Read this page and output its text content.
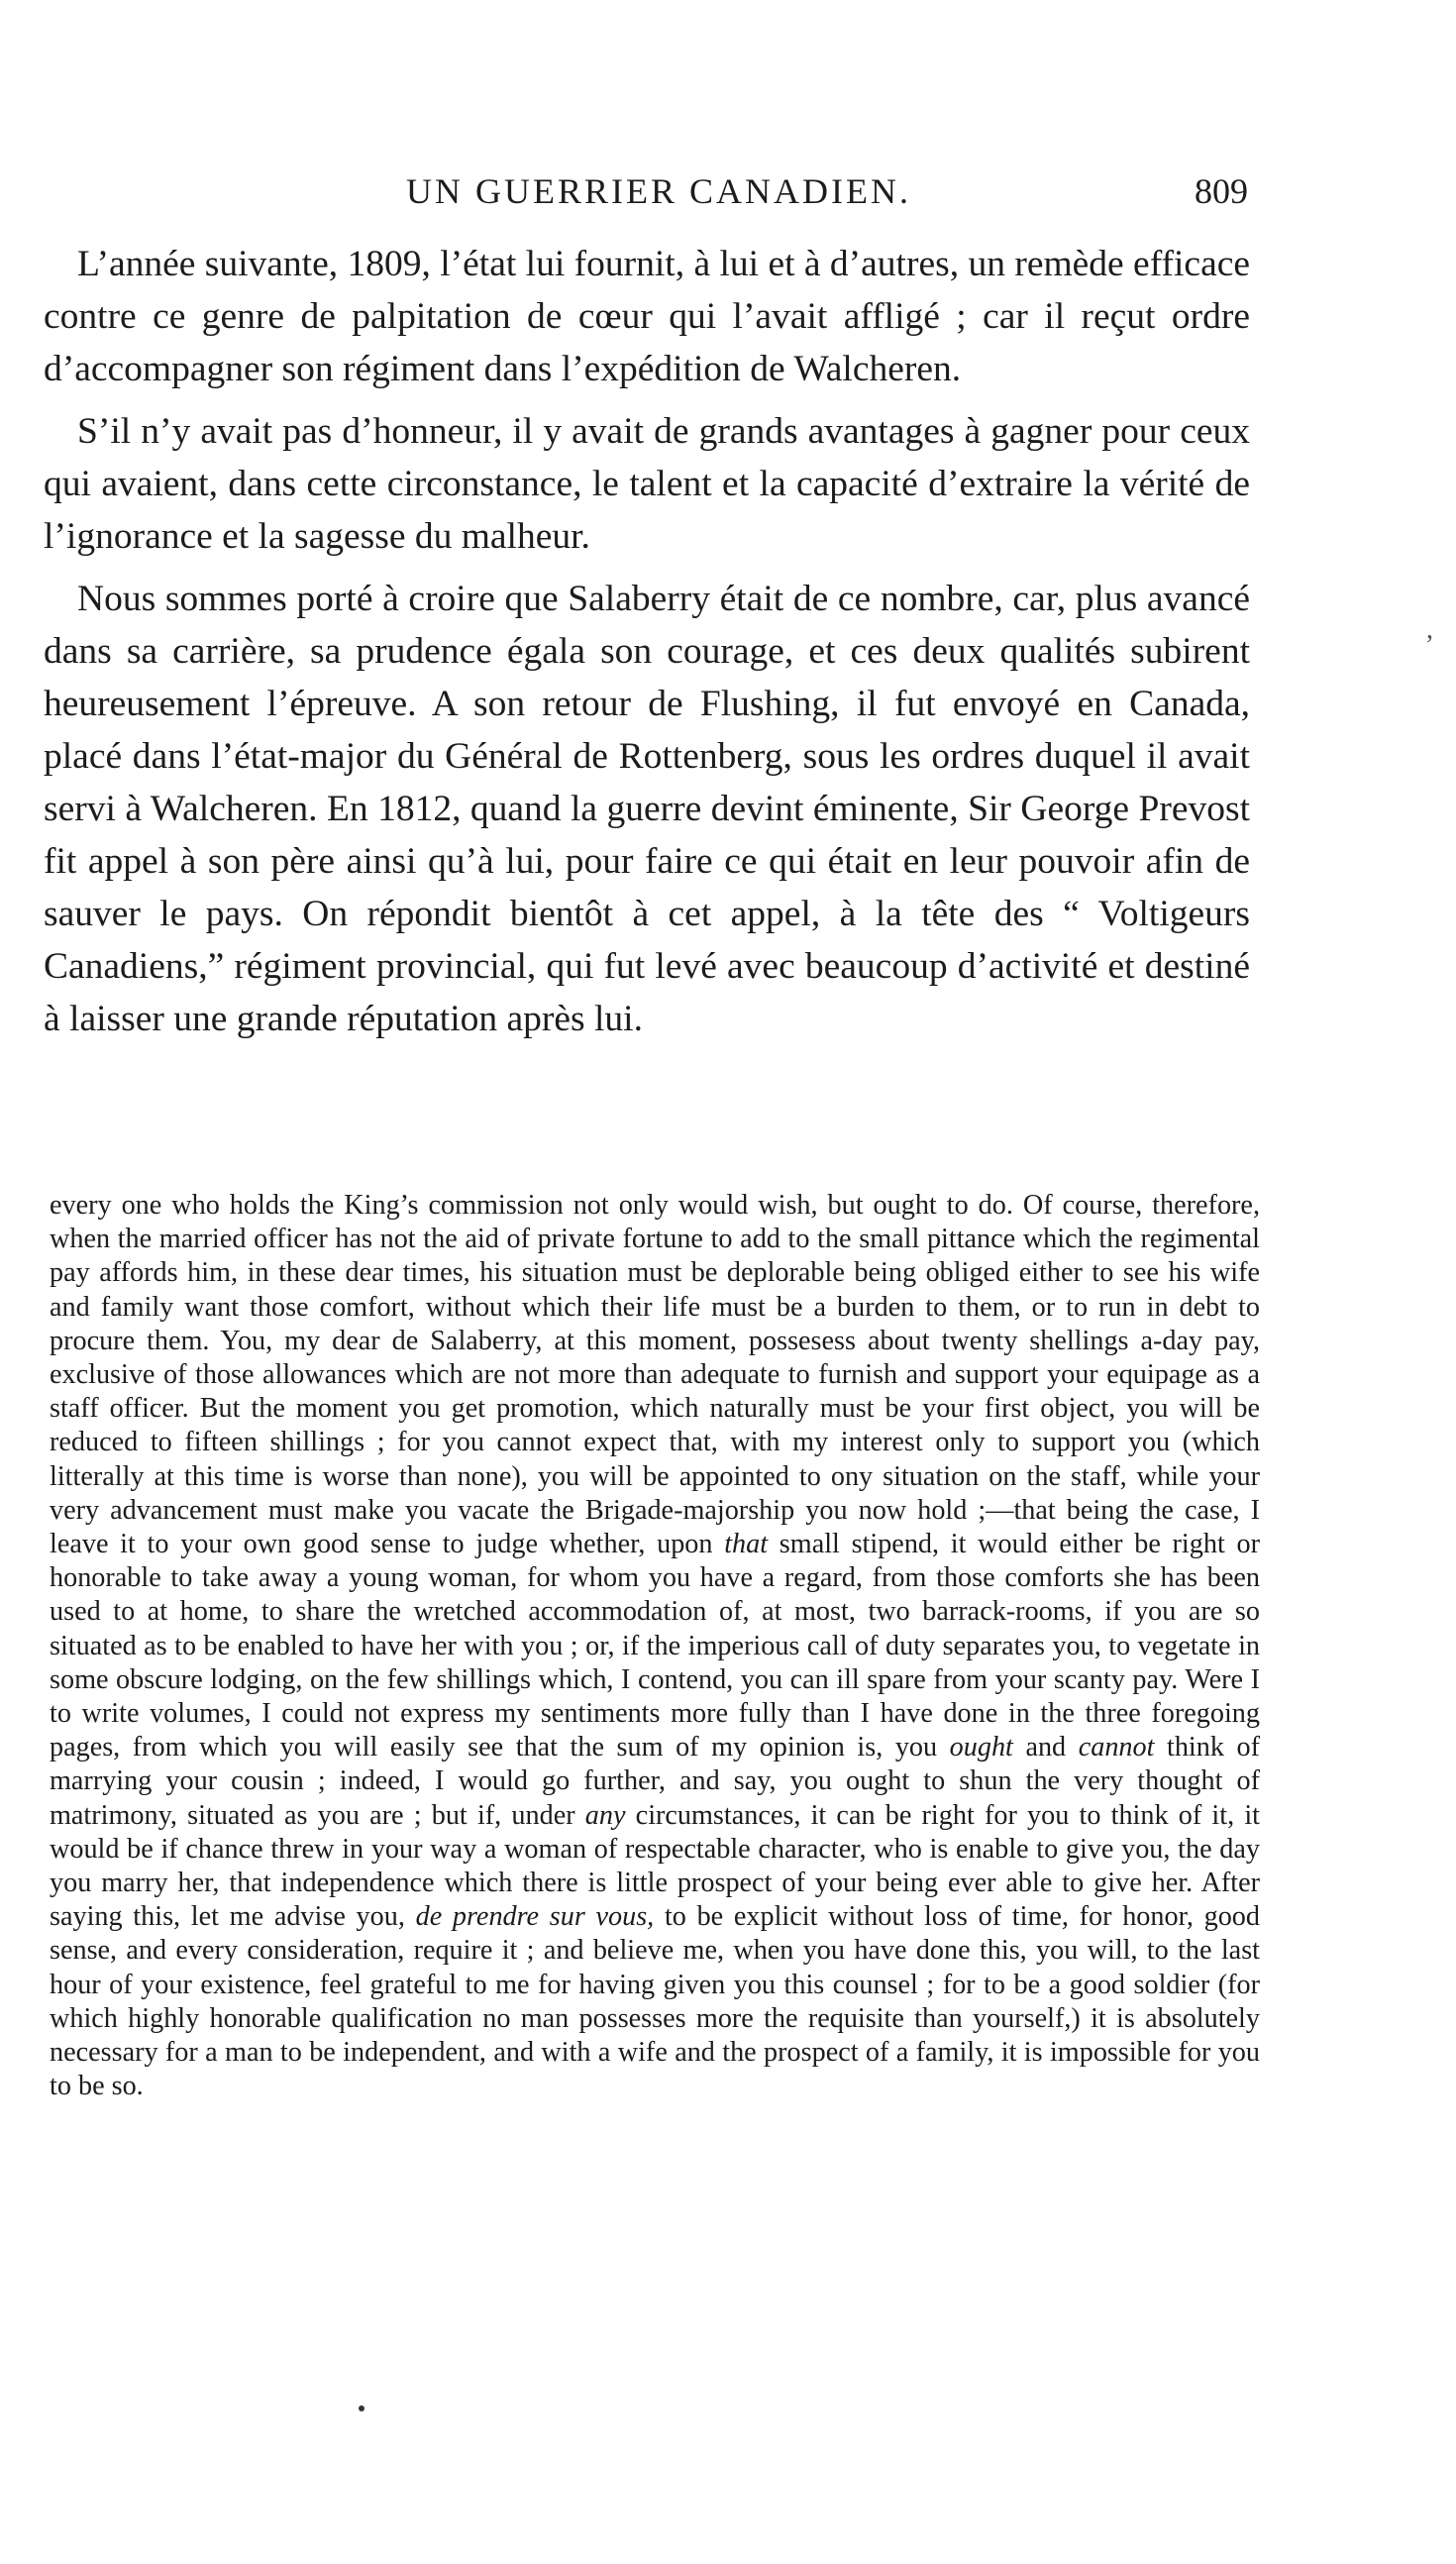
UN GUERRIER CANADIEN.	809

L’année suivante, 1809, l’état lui fournit, à lui et à d’autres, un remède efficace contre ce genre de palpitation de cœur qui l’avait affligé ; car il reçut ordre d’accompagner son régiment dans l’expédition de Walcheren.

S’il n’y avait pas d’honneur, il y avait de grands avantages à gagner pour ceux qui avaient, dans cette circonstance, le talent et la capacité d’extraire la vérité de l’ignorance et la sagesse du malheur.

Nous sommes porté à croire que Salaberry était de ce nombre, car, plus avancé dans sa carrière, sa prudence égala son courage, et ces deux qualités subirent heureusement l’épreuve. A son retour de Flushing, il fut envoyé en Canada, placé dans l’état-major du Général de Rottenberg, sous les ordres duquel il avait servi à Walcheren. En 1812, quand la guerre devint éminente, Sir George Prevost fit appel à son père ainsi qu’à lui, pour faire ce qui était en leur pouvoir afin de sauver le pays. On répondit bientôt à cet appel, à la tête des “ Voltigeurs Canadiens,” régiment provincial, qui fut levé avec beaucoup d’activité et destiné à laisser une grande réputation après lui.

,

every one who holds the King’s commission not only would wish, but ought to do. Of course, therefore, when the married officer has not the aid of private fortune to add to the small pittance which the regimental pay affords him, in these dear times, his situation must be deplorable being obliged either to see his wife and family want those comfort, without which their life must be a burden to them, or to run in debt to procure them. You, my dear de Salaberry, at this moment, possesess about twenty shellings a-day pay, exclusive of those allowances which are not more than adequate to furnish and support your equipage as a staff officer. But the moment you get promotion, which naturally must be your first object, you will be reduced to fifteen shillings ; for you cannot expect that, with my interest only to support you (which litterally at this time is worse than none), you will be appointed to ony situation on the staff, while your very advancement must make you vacate the Brigade-majorship you now hold ;—that being the case, I leave it to your own good sense to judge whether, upon that small stipend, it would either be right or honorable to take away a young woman, for whom you have a regard, from those comforts she has been used to at home, to share the wretched accommodation of, at most, two barrack-rooms, if you are so situated as to be enabled to have her with you ; or, if the imperious call of duty separates you, to vegetate in some obscure lodging, on the few shillings which, I contend, you can ill spare from your scanty pay. Were I to write volumes, I could not express my sentiments more fully than I have done in the three foregoing pages, from which you will easily see that the sum of my opinion is, you ought and cannot think of marrying your cousin ; indeed, I would go further, and say, you ought to shun the very thought of matrimony, situated as you are ; but if, under any circumstances, it can be right for you to think of it, it would be if chance threw in your way a woman of respectable character, who is enable to give you, the day you marry her, that independence which there is little prospect of your being ever able to give her. After saying this, let me advise you, de prendre sur vous, to be explicit without loss of time, for honor, good sense, and every consideration, require it ; and believe me, when you have done this, you will, to the last hour of your existence, feel grateful to me for having given you this counsel ; for to be a good soldier (for which highly honorable qualification no man possesses more the requisite than yourself,) it is absolutely necessary for a man to be independent, and with a wife and the prospect of a family, it is impossible for you to be so.
